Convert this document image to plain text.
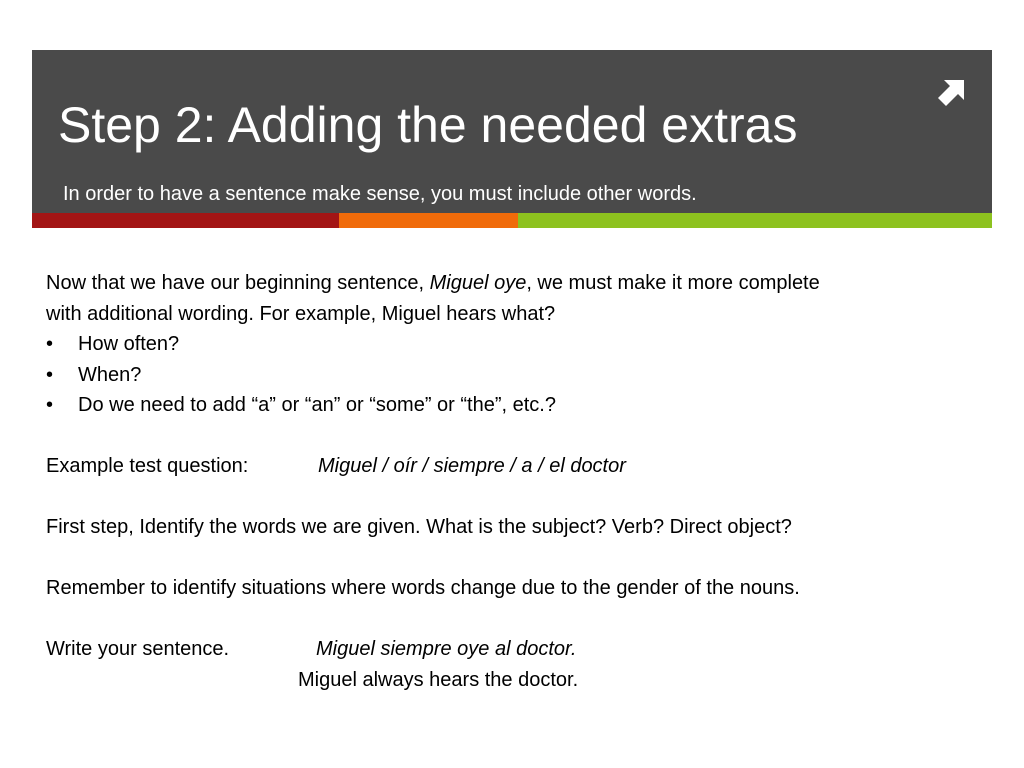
Step 2: Adding the needed extras
In order to have a sentence make sense, you must include other words.
Now that we have our beginning sentence, Miguel oye, we must make it more complete
with additional wording. For example, Miguel hears what?
•	How often?
•	When?
•	Do we need to add “a” or “an” or “some” or “the”, etc.?
Example test question:	Miguel / oír / siempre / a / el doctor
First step, Identify the words we are given. What is the subject? Verb? Direct object?
Remember to identify situations where words change due to the gender of the nouns.
Write your sentence.	Miguel siempre oye al doctor.
Miguel always hears the doctor.
